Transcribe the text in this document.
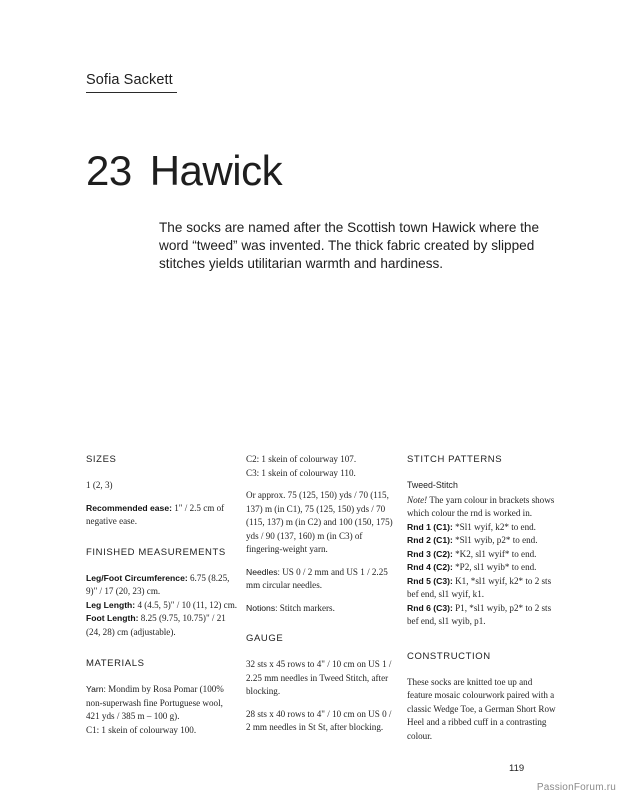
Sofia Sackett
23 Hawick

The socks are named after the Scottish town Hawick where the word “tweed” was invented. The thick fabric created by slipped stitches yields utilitarian warmth and hardiness.

SIZES

1 (2, 3)

Recommended ease: 1" / 2.5 cm of negative ease.

FINISHED MEASUREMENTS

Leg/Foot Circumference: 6.75 (8.25, 9)" / 17 (20, 23) cm.

Leg Length: 4 (4.5, 5)" / 10 (11, 12) cm.

Foot Length: 8.25 (9.75, 10.75)" / 21 (24, 28) cm (adjustable).

MATERIALS

Yarn: Mondim by Rosa Pomar (100% non-superwash fine Portuguese wool, 421 yds / 385 m – 100 g).

C1: 1 skein of colourway 100.

C2: 1 skein of colourway 107.

C3: 1 skein of colourway 110.

Or approx. 75 (125, 150) yds / 70 (115, 137) m (in C1), 75 (125, 150) yds / 70 (115, 137) m (in C2) and 100 (150, 175) yds / 90 (137, 160) m (in C3) of fingering-weight yarn.

Needles: US 0 / 2 mm and US 1 / 2.25 mm circular needles.

Notions: Stitch markers.

GAUGE

32 sts x 45 rows to 4" / 10 cm on US 1 / 2.25 mm needles in Tweed Stitch, after blocking.

28 sts x 40 rows to 4" / 10 cm on US 0 / 2 mm needles in St St, after blocking.

STITCH PATTERNS
Tweed-Stitch

Note! The yarn colour in brackets shows which colour the rnd is worked in.

Rnd 1 (C1): *Sl1 wyif, k2* to end.

Rnd 2 (C1): *Sl1 wyib, p2* to end.

Rnd 3 (C2): *K2, sl1 wyif* to end.

Rnd 4 (C2): *P2, sl1 wyib* to end.

Rnd 5 (C3): K1, *sl1 wyif, k2* to 2 sts bef end, sl1 wyif, k1.

Rnd 6 (C3): P1, *sl1 wyib, p2* to 2 sts bef end, sl1 wyib, p1.

CONSTRUCTION

These socks are knitted toe up and feature mosaic colourwork paired with a classic Wedge Toe, a German Short Row Heel and a ribbed cuff in a contrasting colour.

119
PassionForum.ru
